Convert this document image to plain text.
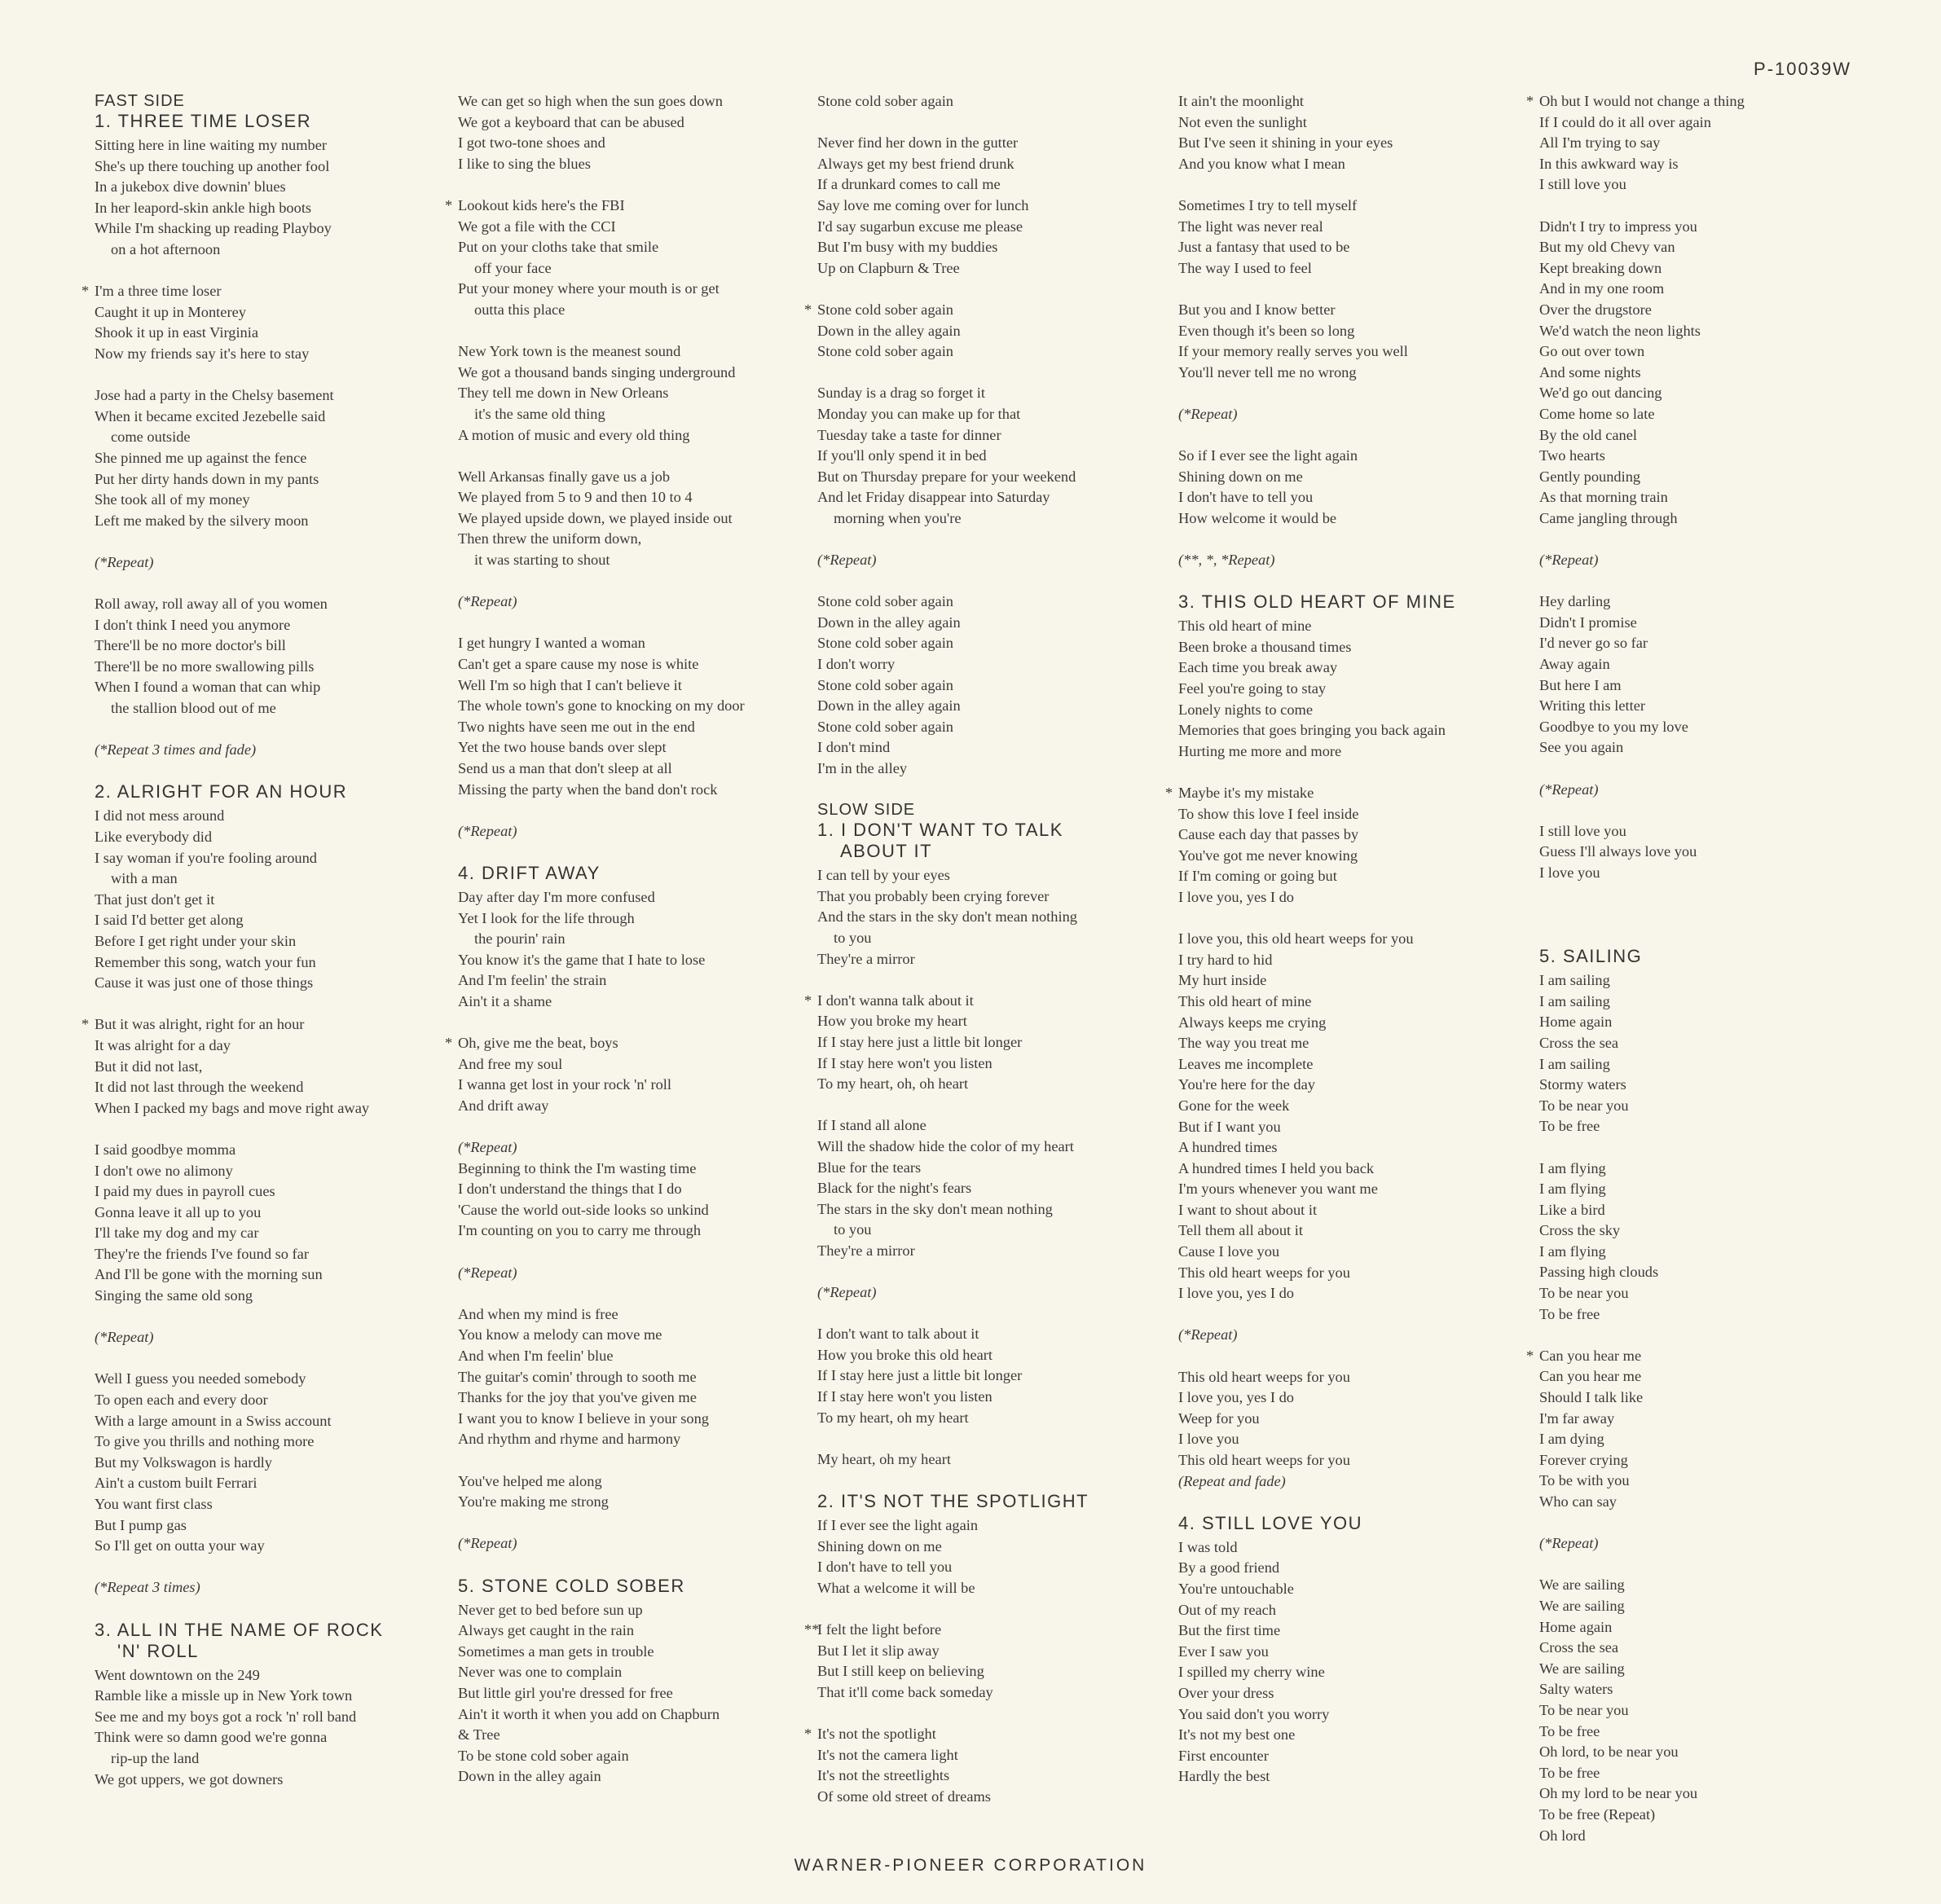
P-10039W
FAST SIDE
1. THREE TIME LOSER
Sitting here in line waiting my number
She's up there touching up another fool
In a jukebox dive downin' blues
In her leapord-skin ankle high boots
While I'm shacking up reading Playboy
on a hot afternoon
* I'm a three time loser
Caught it up in Monterey
Shook it up in east Virginia
Now my friends say it's here to stay
Jose had a party in the Chelsy basement
When it became excited Jezebelle said
come outside
She pinned me up against the fence
Put her dirty hands down in my pants
She took all of my money
Left me maked by the silvery moon
(*Repeat)
Roll away, roll away all of you women
I don't think I need you anymore
There'll be no more doctor's bill
There'll be no more swallowing pills
When I found a woman that can whip
the stallion blood out of me
(*Repeat 3 times and fade)
2. ALRIGHT FOR AN HOUR
I did not mess around
Like everybody did
I say woman if you're fooling around
with a man
That just don't get it
I said I'd better get along
Before I get right under your skin
Remember this song, watch your fun
Cause it was just one of those things
* But it was alright, right for an hour
It was alright for a day
But it did not last,
It did not last through the weekend
When I packed my bags and move right away
I said goodbye momma
I don't owe no alimony
I paid my dues in payroll cues
Gonna leave it all up to you
I'll take my dog and my car
They're the friends I've found so far
And I'll be gone with the morning sun
Singing the same old song
(*Repeat)
Well I guess you needed somebody
To open each and every door
With a large amount in a Swiss account
To give you thrills and nothing more
But my Volkswagon is hardly
Ain't a custom built Ferrari
You want first class
But I pump gas
So I'll get on outta your way
(*Repeat 3 times)
3. ALL IN THE NAME OF ROCK
'N' ROLL
Went downtown on the 249
Ramble like a missle up in New York town
See me and my boys got a rock 'n' roll band
Think were so damn good we're gonna
rip-up the land
We got uppers, we got downers
We can get so high when the sun goes down
We got a keyboard that can be abused
I got two-tone shoes and
I like to sing the blues
* Lookout kids here's the FBI
We got a file with the CCI
Put on your cloths take that smile
off your face
Put your money where your mouth is or get
outta this place
New York town is the meanest sound
We got a thousand bands singing underground
They tell me down in New Orleans
it's the same old thing
A motion of music and every old thing
Well Arkansas finally gave us a job
We played from 5 to 9 and then 10 to 4
We played upside down, we played inside out
Then threw the uniform down,
it was starting to shout
(*Repeat)
I get hungry I wanted a woman
Can't get a spare cause my nose is white
Well I'm so high that I can't believe it
The whole town's gone to knocking on my door
Two nights have seen me out in the end
Yet the two house bands over slept
Send us a man that don't sleep at all
Missing the party when the band don't rock
(*Repeat)
4. DRIFT AWAY
Day after day I'm more confused
Yet I look for the life through
the pourin' rain
You know it's the game that I hate to lose
And I'm feelin' the strain
Ain't it a shame
* Oh, give me the beat, boys
And free my soul
I wanna get lost in your rock 'n' roll
And drift away
(*Repeat)
Beginning to think the I'm wasting time
I don't understand the things that I do
'Cause the world out-side looks so unkind
I'm counting on you to carry me through
(*Repeat)
And when my mind is free
You know a melody can move me
And when I'm feelin' blue
The guitar's comin' through to sooth me
Thanks for the joy that you've given me
I want you to know I believe in your song
And rhythm and rhyme and harmony
You've helped me along
You're making me strong
(*Repeat)
5. STONE COLD SOBER
Never get to bed before sun up
Always get caught in the rain
Sometimes a man gets in trouble
Never was one to complain
But little girl you're dressed for free
Ain't it worth it when you add on Chapburn
& Tree
To be stone cold sober again
Down in the alley again
Stone cold sober again
Never find her down in the gutter
Always get my best friend drunk
If a drunkard comes to call me
Say love me coming over for lunch
I'd say sugarbun excuse me please
But I'm busy with my buddies
Up on Clapburn & Tree
* Stone cold sober again
Down in the alley again
Stone cold sober again
Sunday is a drag so forget it
Monday you can make up for that
Tuesday take a taste for dinner
If you'll only spend it in bed
But on Thursday prepare for your weekend
And let Friday disappear into Saturday
morning when you're
(*Repeat)
Stone cold sober again
Down in the alley again
Stone cold sober again
I don't worry
Stone cold sober again
Down in the alley again
Stone cold sober again
I don't mind
I'm in the alley
SLOW SIDE
1. I DON'T WANT TO TALK
ABOUT IT
I can tell by your eyes
That you probably been crying forever
And the stars in the sky don't mean nothing
to you
They're a mirror
* I don't wanna talk about it
How you broke my heart
If I stay here just a little bit longer
If I stay here won't you listen
To my heart, oh, oh heart
If I stand all alone
Will the shadow hide the color of my heart
Blue for the tears
Black for the night's fears
The stars in the sky don't mean nothing
to you
They're a mirror
(*Repeat)
I don't want to talk about it
How you broke this old heart
If I stay here just a little bit longer
If I stay here won't you listen
To my heart, oh my heart
My heart, oh my heart
2. IT'S NOT THE SPOTLIGHT
If I ever see the light again
Shining down on me
I don't have to tell you
What a welcome it will be
**
I felt the light before
But I let it slip away
But I still keep on believing
That it'll come back someday
* It's not the spotlight
It's not the camera light
It's not the streetlights
Of some old street of dreams
It ain't the moonlight
Not even the sunlight
But I've seen it shining in your eyes
And you know what I mean
Sometimes I try to tell myself
The light was never real
Just a fantasy that used to be
The way I used to feel
But you and I know better
Even though it's been so long
If your memory really serves you well
You'll never tell me no wrong
(*Repeat)
So if I ever see the light again
Shining down on me
I don't have to tell you
How welcome it would be
(**, *, *Repeat)
3. THIS OLD HEART OF MINE
This old heart of mine
Been broke a thousand times
Each time you break away
Feel you're going to stay
Lonely nights to come
Memories that goes bringing you back again
Hurting me more and more
* Maybe it's my mistake
To show this love I feel inside
Cause each day that passes by
You've got me never knowing
If I'm coming or going but
I love you, yes I do
I love you, this old heart weeps for you
I try hard to hid
My hurt inside
This old heart of mine
Always keeps me crying
The way you treat me
Leaves me incomplete
You're here for the day
Gone for the week
But if I want you
A hundred times
A hundred times I held you back
I'm yours whenever you want me
I want to shout about it
Tell them all about it
Cause I love you
This old heart weeps for you
I love you, yes I do
(*Repeat)
This old heart weeps for you
I love you, yes I do
Weep for you
I love you
This old heart weeps for you
(Repeat and fade)
4. STILL LOVE YOU
I was told
By a good friend
You're untouchable
Out of my reach
But the first time
Ever I saw you
I spilled my cherry wine
Over your dress
You said don't you worry
It's not my best one
First encounter
Hardly the best
* Oh but I would not change a thing
If I could do it all over again
All I'm trying to say
In this awkward way is
I still love you
Didn't I try to impress you
But my old Chevy van
Kept breaking down
And in my one room
Over the drugstore
We'd watch the neon lights
Go out over town
And some nights
We'd go out dancing
Come home so late
By the old canel
Two hearts
Gently pounding
As that morning train
Came jangling through
(*Repeat)
Hey darling
Didn't I promise
I'd never go so far
Away again
But here I am
Writing this letter
Goodbye to you my love
See you again
(*Repeat)
I still love you
Guess I'll always love you
I love you
5. SAILING
I am sailing
I am sailing
Home again
Cross the sea
I am sailing
Stormy waters
To be near you
To be free
I am flying
I am flying
Like a bird
Cross the sky
I am flying
Passing high clouds
To be near you
To be free
* Can you hear me
Can you hear me
Should I talk like
I'm far away
I am dying
Forever crying
To be with you
Who can say
(*Repeat)
We are sailing
We are sailing
Home again
Cross the sea
We are sailing
Salty waters
To be near you
To be free
Oh lord, to be near you
To be free
Oh my lord to be near you
To be free (Repeat)
Oh lord
WARNER-PIONEER CORPORATION
